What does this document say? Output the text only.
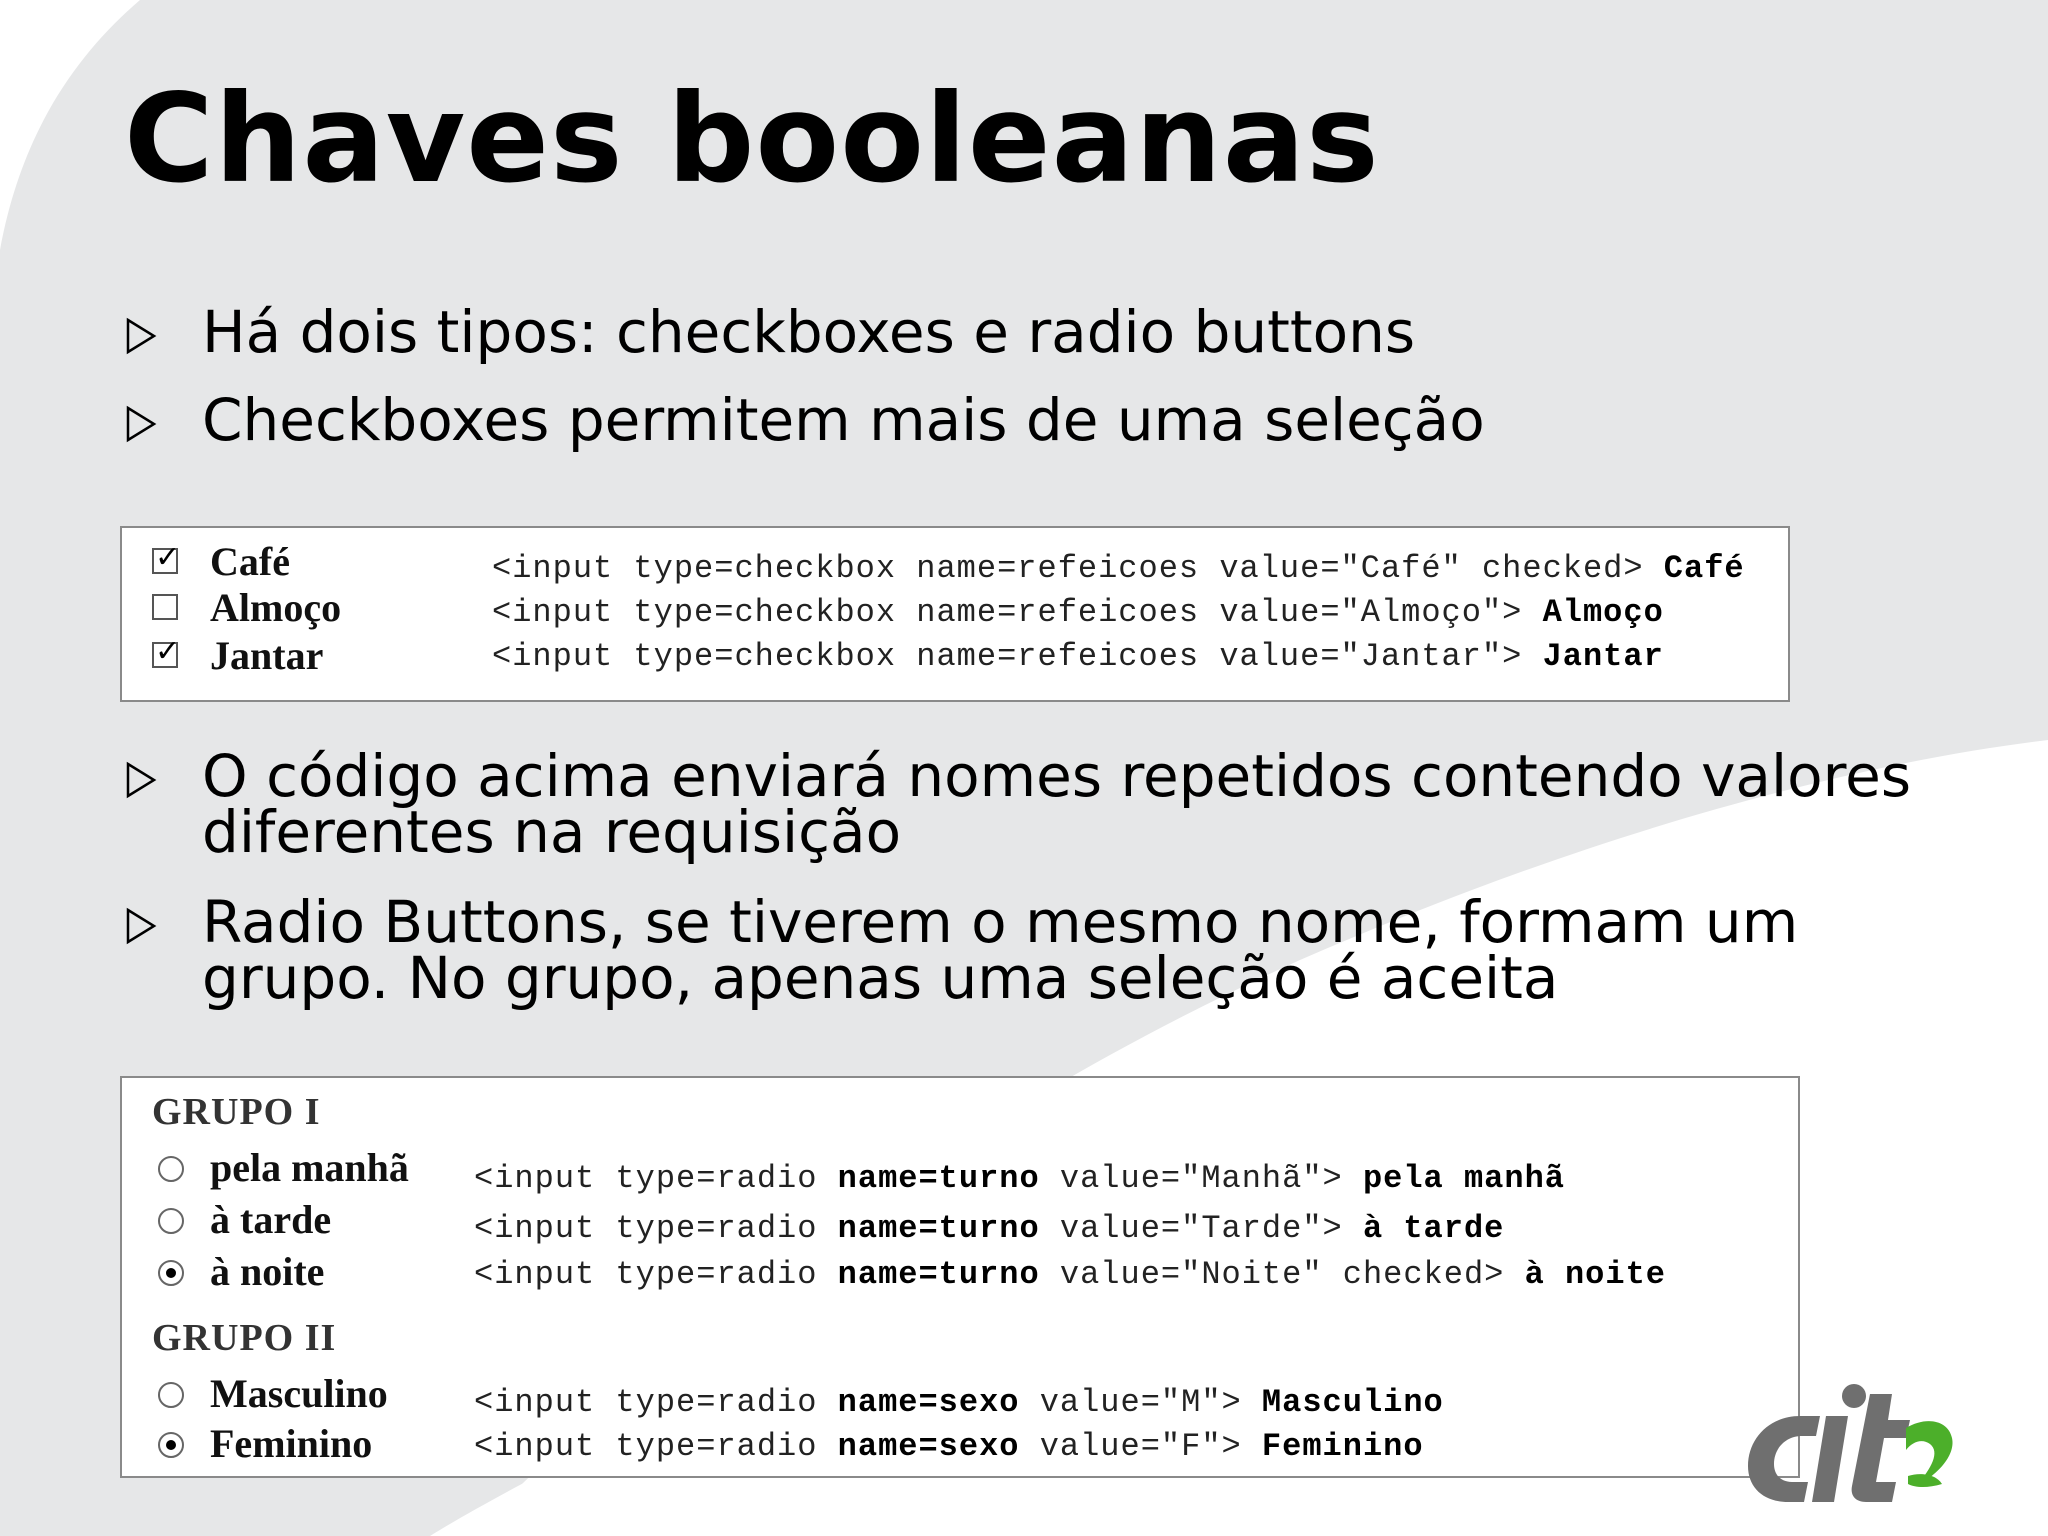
Chaves booleanas
Há dois tipos: checkboxes e radio buttons
Checkboxes permitem mais de uma seleção
✓ Café	<input type=checkbox name=refeicoes value="Café" checked> Café
Almoço	<input type=checkbox name=refeicoes value="Almoço"> Almoço
✓ Jantar	<input type=checkbox name=refeicoes value="Jantar"> Jantar
O código acima enviará nomes repetidos contendo valores diferentes na requisição
Radio Buttons, se tiverem o mesmo nome, formam um grupo. No grupo, apenas uma seleção é aceita
GRUPO I
pela manhã <input type=radio name=turno value="Manhã"> pela manhã
à tarde	<input type=radio name=turno value="Tarde"> à tarde
à noite	<input type=radio name=turno value="Noite" checked> à noite
GRUPO II
Masculino	<input type=radio name=sexo value="M"> Masculino
Feminino	<input type=radio name=sexo value="F"> Feminino
cit
